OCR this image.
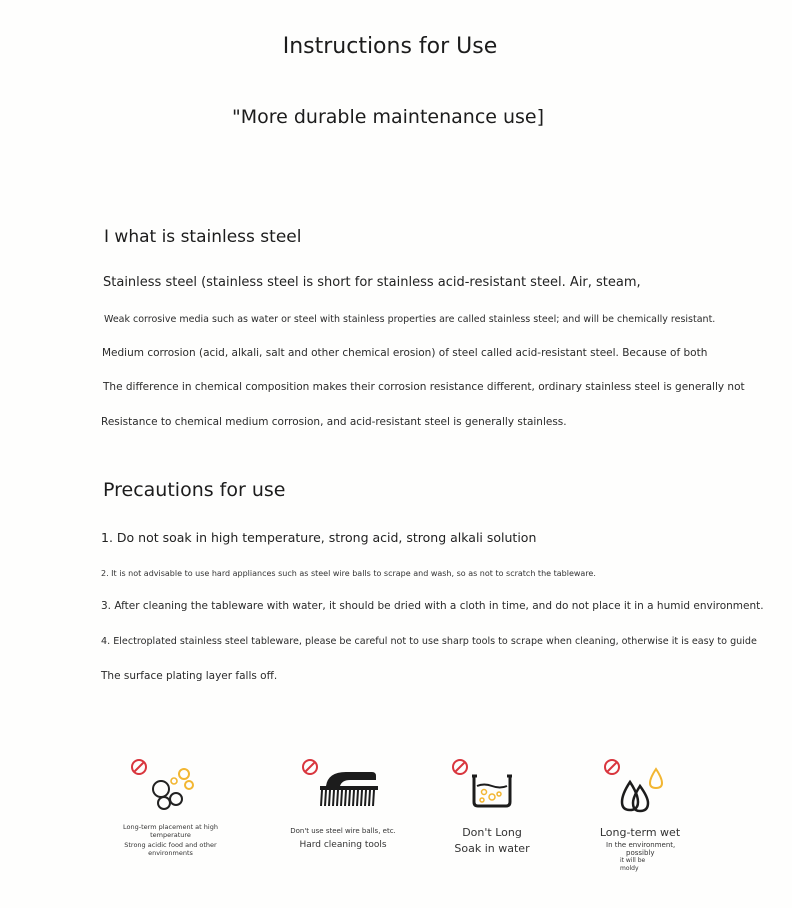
Instructions for Use
"More durable maintenance use]
I what is stainless steel
Stainless steel (stainless steel is short for stainless acid-resistant steel. Air, steam,
Weak corrosive media such as water or steel with stainless properties are called stainless steel; and will be chemically resistant.
Medium corrosion (acid, alkali, salt and other chemical erosion) of steel called acid-resistant steel. Because of both
The difference in chemical composition makes their corrosion resistance different, ordinary stainless steel is generally not
Resistance to chemical medium corrosion, and acid-resistant steel is generally stainless.
Precautions for use
1. Do not soak in high temperature, strong acid, strong alkali solution
2. It is not advisable to use hard appliances such as steel wire balls to scrape and wash, so as not to scratch the tableware.
3. After cleaning the tableware with water, it should be dried with a cloth in time, and do not place it in a humid environment.
4. Electroplated stainless steel tableware, please be careful not to use sharp tools to scrape when cleaning, otherwise it is easy to guide
The surface plating layer falls off.
Long-term placement at high
temperature
Strong acidic food and other
environments
Don't use steel wire balls, etc.
Hard cleaning tools
Don't Long
Soak in water
Long-term wet
In the environment,
possibly
it will be
moldy
